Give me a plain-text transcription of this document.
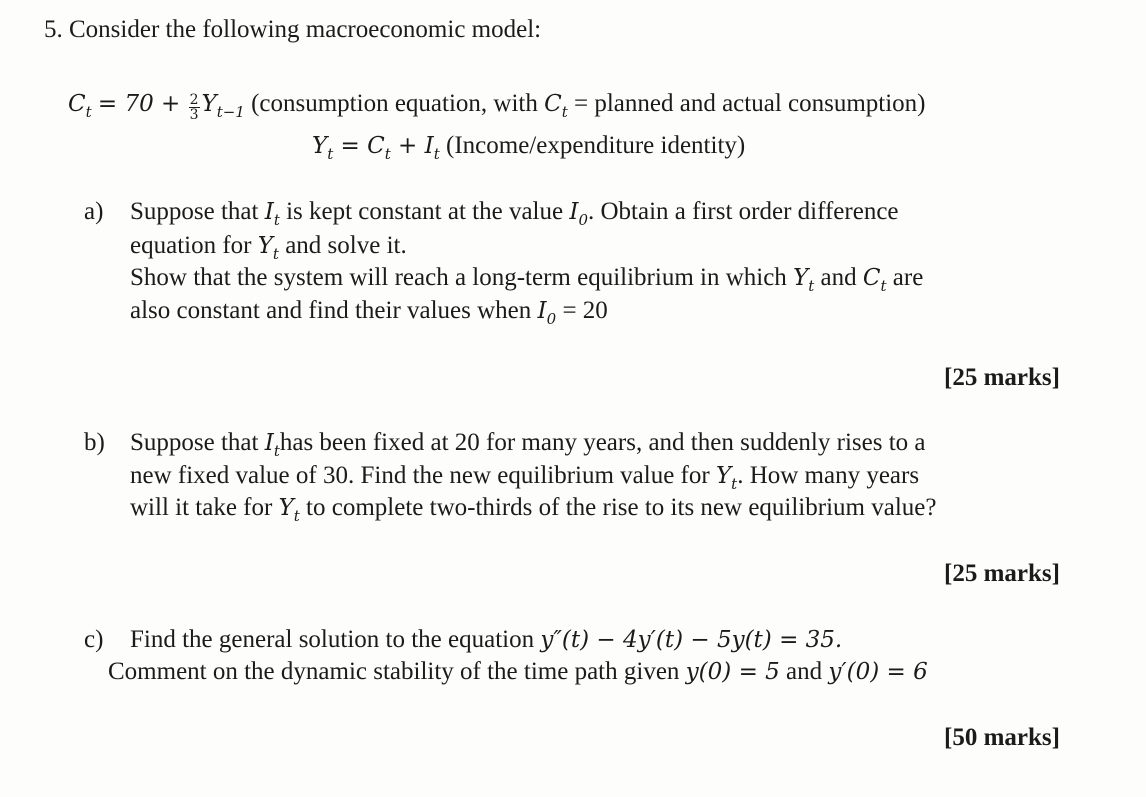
5. Consider the following macroeconomic model:
$C_t = 70 + \frac{2}{3} Y_{t-1}$ (consumption equation, with $C_t$ = planned and actual consumption)
$Y_t = C_t + I_t$ (Income/expenditure identity)
a) Suppose that $I_t$ is kept constant at the value $I_0$. Obtain a first order difference
equation for $Y_t$ and solve it.
Show that the system will reach a long-term equilibrium in which $Y_t$ and $C_t$ are
also constant and find their values when $I_0 = 20$
[25 marks]
b) Suppose that $I_thas$ been fixed at 20 for many years, and then suddenly rises to a
new fixed value of 30. Find the new equilibrium value for $Y_t$. How many years
will it take for $Y_t$ to complete two-thirds of the rise to its new equilibrium value?
[25 marks]
c) Find the general solution to the equation y″(t) − 4y′(t) − 5y(t) = 35.
Comment on the dynamic stability of the time path given y(0) = 5 and y′(0) = 6
[50 marks]
